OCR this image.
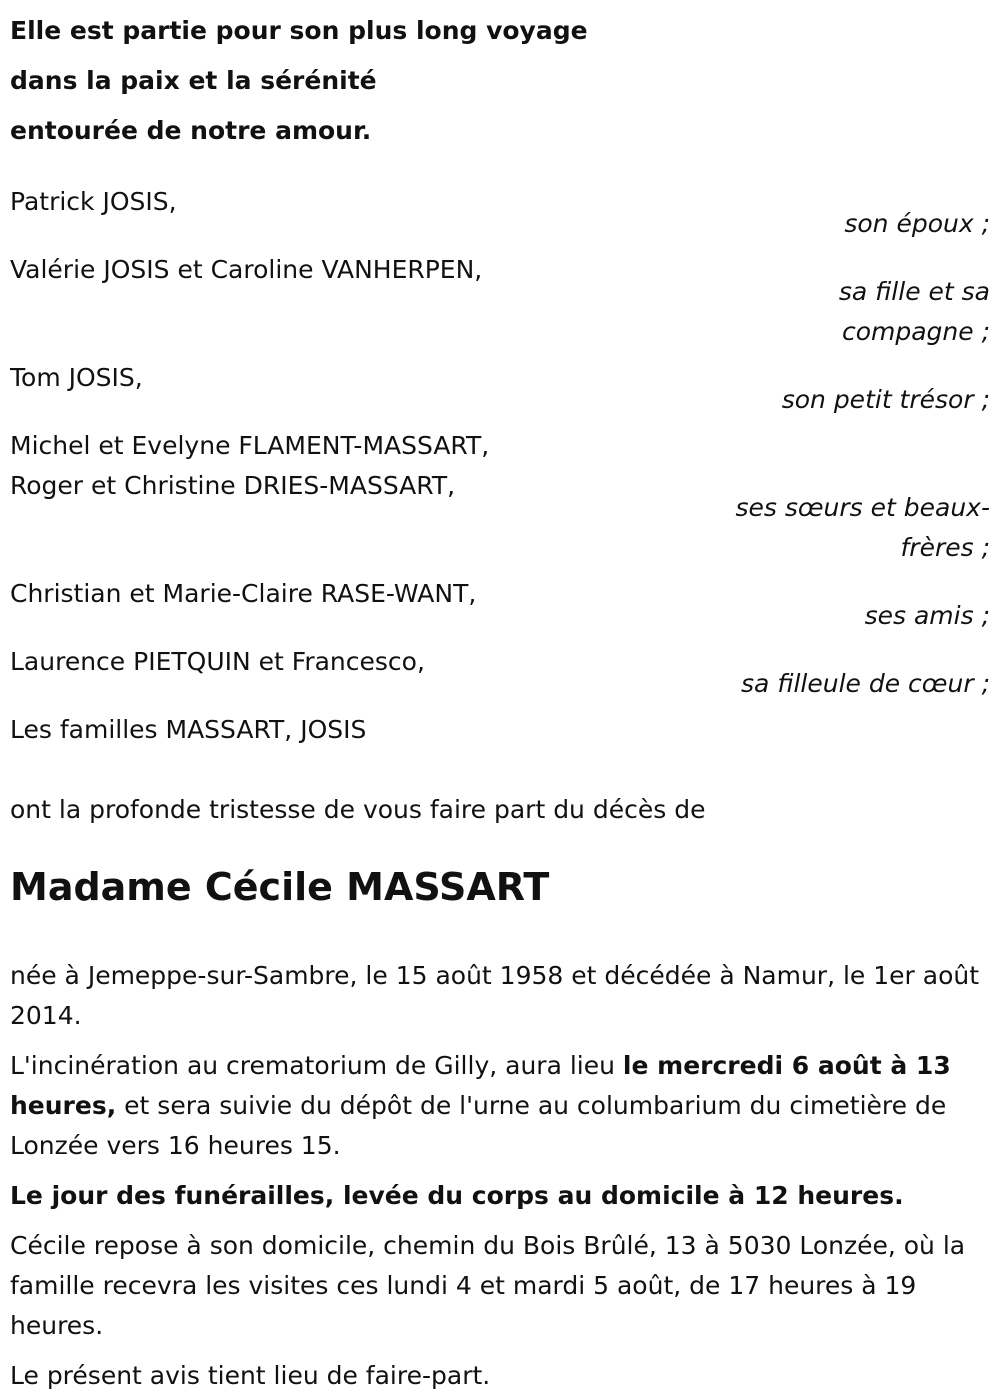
Elle est partie pour son plus long voyage
dans la paix et la sérénité
entourée de notre amour.
Patrick JOSIS,
son époux ;
Valérie JOSIS et Caroline VANHERPEN,
sa fille et sa compagne ;
Tom JOSIS,
son petit trésor ;
Michel et Evelyne FLAMENT-MASSART,
Roger et Christine DRIES-MASSART,
ses sœurs et beaux-frères ;
Christian et Marie-Claire RASE-WANT,
ses amis ;
Laurence PIETQUIN et Francesco,
sa filleule de cœur ;
Les familles MASSART, JOSIS
ont la profonde tristesse de vous faire part du décès de
Madame Cécile MASSART

née à Jemeppe-sur-Sambre, le 15 août 1958 et décédée à Namur, le 1er août 2014.

L'incinération au crematorium de Gilly, aura lieu le mercredi 6 août à 13 heures, et sera suivie du dépôt de l'urne au columbarium du cimetière de Lonzée vers 16 heures 15.

Le jour des funérailles, levée du corps au domicile à 12 heures.

Cécile repose à son domicile, chemin du Bois Brûlé, 13 à 5030 Lonzée, où la famille recevra les visites ces lundi 4 et mardi 5 août, de 17 heures à 19 heures.

Le présent avis tient lieu de faire-part.
